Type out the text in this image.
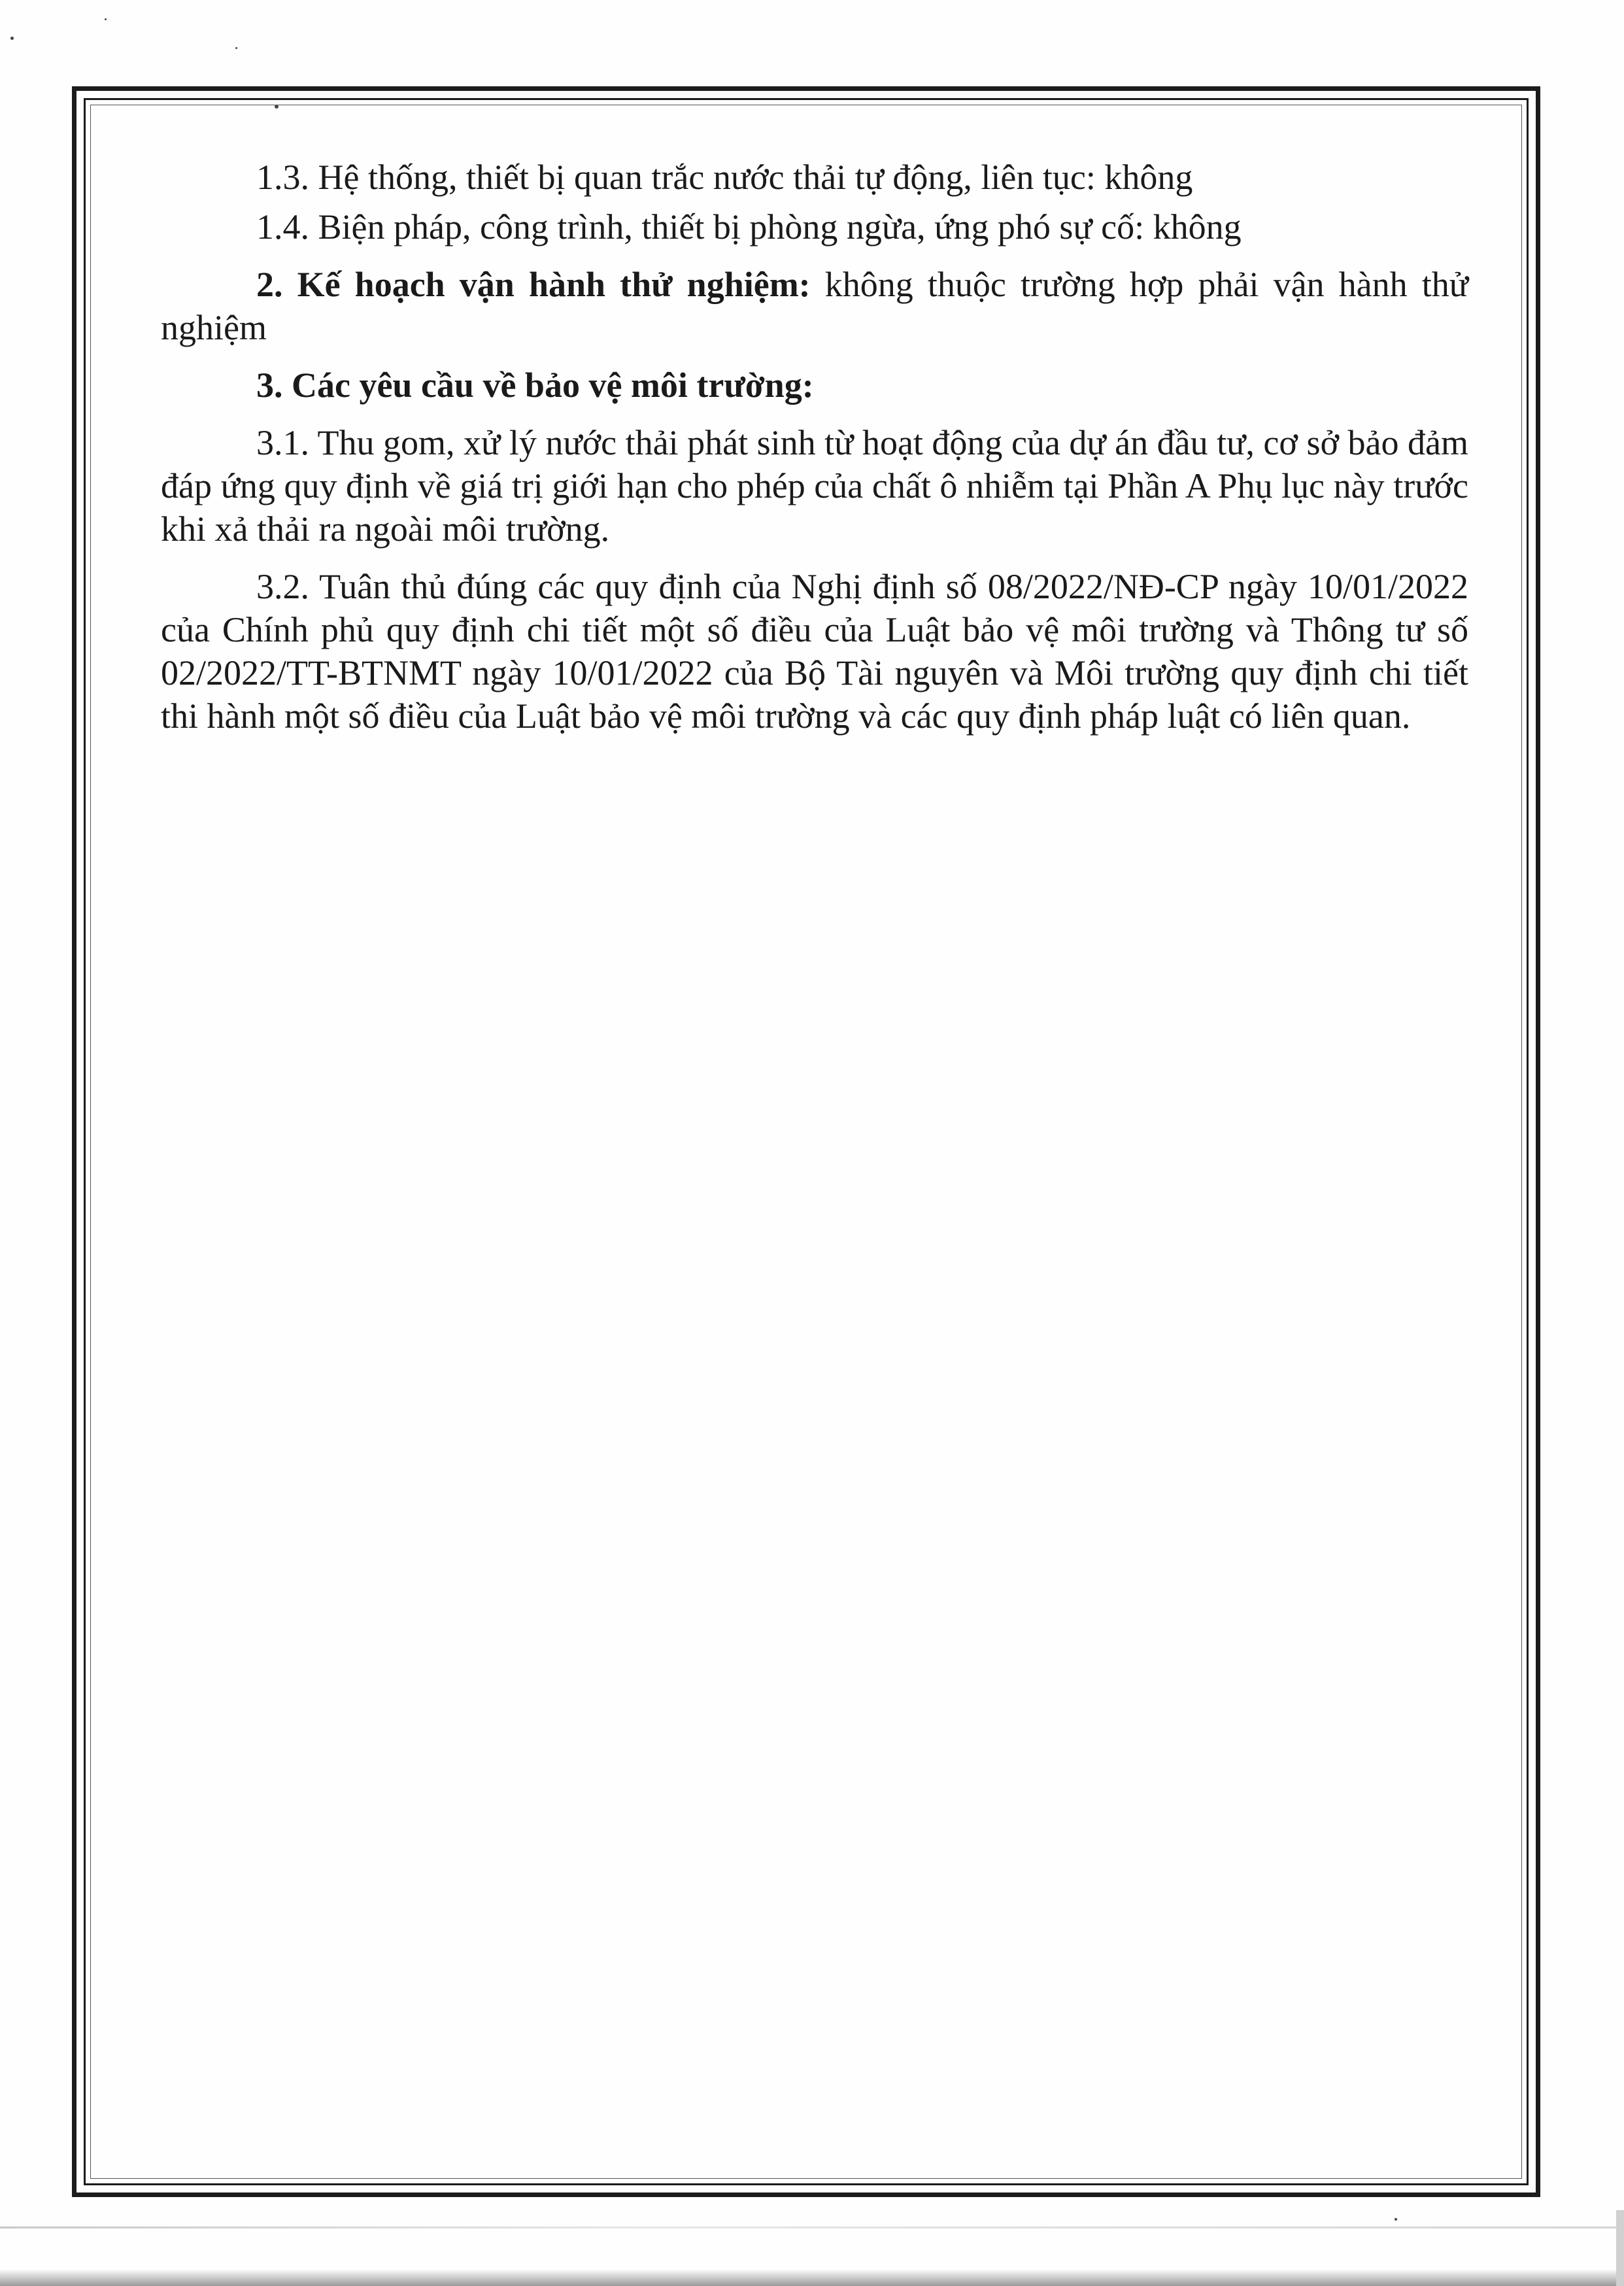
1.3. Hệ thống, thiết bị quan trắc nước thải tự động, liên tục: không

1.4. Biện pháp, công trình, thiết bị phòng ngừa, ứng phó sự cố: không

2. Kế hoạch vận hành thử nghiệm: không thuộc trường hợp phải vận hành thử nghiệm

3. Các yêu cầu về bảo vệ môi trường:

3.1. Thu gom, xử lý nước thải phát sinh từ hoạt động của dự án đầu tư, cơ sở bảo đảm đáp ứng quy định về giá trị giới hạn cho phép của chất ô nhiễm tại Phần A Phụ lục này trước khi xả thải ra ngoài môi trường.

3.2. Tuân thủ đúng các quy định của Nghị định số 08/2022/NĐ-CP ngày 10/01/2022 của Chính phủ quy định chi tiết một số điều của Luật bảo vệ môi trường và Thông tư số 02/2022/TT-BTNMT ngày 10/01/2022 của Bộ Tài nguyên và Môi trường quy định chi tiết thi hành một số điều của Luật bảo vệ môi trường và các quy định pháp luật có liên quan.
